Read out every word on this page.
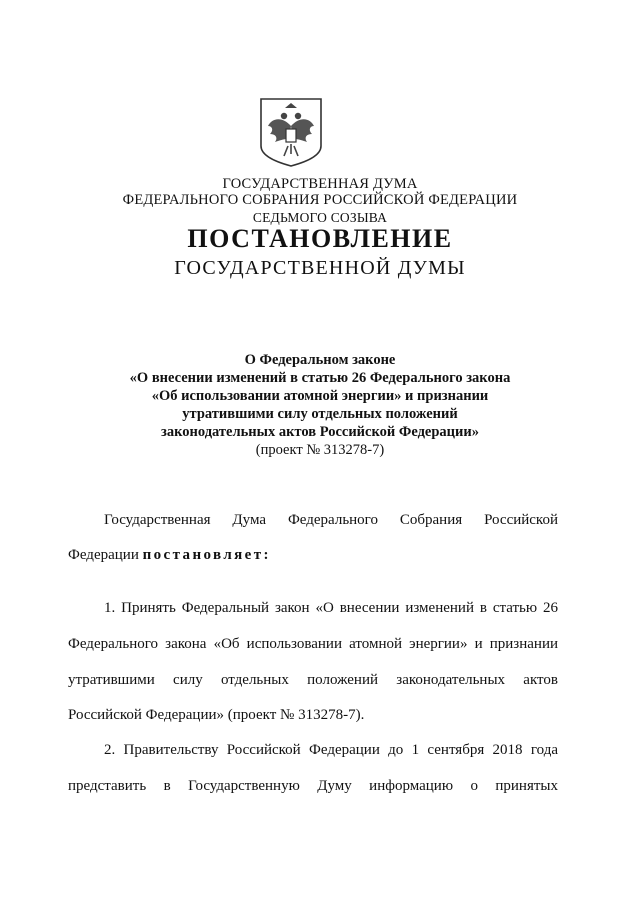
ГОСУДАРСТВЕННАЯ ДУМА
ФЕДЕРАЛЬНОГО СОБРАНИЯ РОССИЙСКОЙ ФЕДЕРАЦИИ
СЕДЬМОГО СОЗЫВА
ПОСТАНОВЛЕНИЕ
ГОСУДАРСТВЕННОЙ ДУМЫ
О Федеральном законе
«О внесении изменений в статью 26 Федерального закона
«Об использовании атомной энергии» и признании
утратившими силу отдельных положений
законодательных актов Российской Федерации»
(проект № 313278-7)
Государственная Дума Федерального Собрания Российской
Федерации постановляет:
1. Принять Федеральный закон «О внесении изменений в статью 26
Федерального закона «Об использовании атомной энергии» и признании
утратившими силу отдельных положений законодательных актов
Российской Федерации» (проект № 313278-7).
2. Правительству Российской Федерации до 1 сентября 2018 года
представить в Государственную Думу информацию о принятых
